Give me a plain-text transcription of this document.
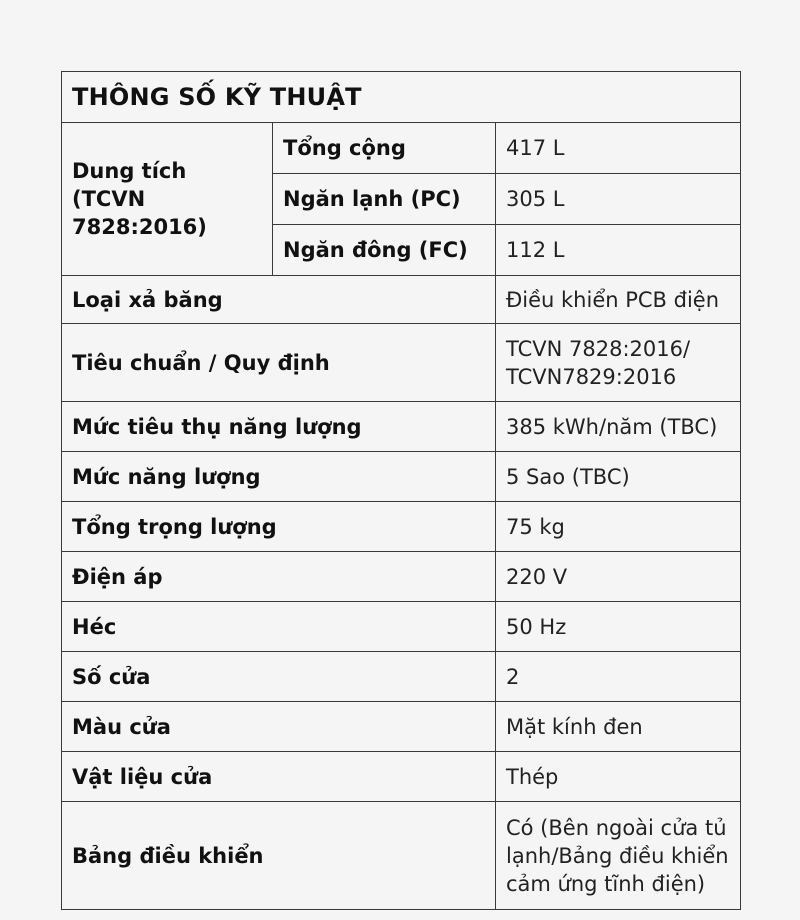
THÔNG SỐ KỸ THUẬT		
Dung tích (TCVN 7828:2016)	Tổng cộng	417 L
	Ngăn lạnh (PC)	305 L
	Ngăn đông (FC)	112 L
Loại xả băng		Điều khiển PCB điện
Tiêu chuẩn / Quy định		TCVN 7828:2016/ TCVN7829:2016
Mức tiêu thụ năng lượng		385 kWh/năm (TBC)
Mức năng lượng		5 Sao (TBC)
Tổng trọng lượng		75 kg
Điện áp		220 V
Héc		50 Hz
Số cửa		2
Màu cửa		Mặt kính đen
Vật liệu cửa		Thép
Bảng điều khiển		Có (Bên ngoài cửa tủ lạnh/Bảng điều khiển cảm ứng tĩnh điện)
